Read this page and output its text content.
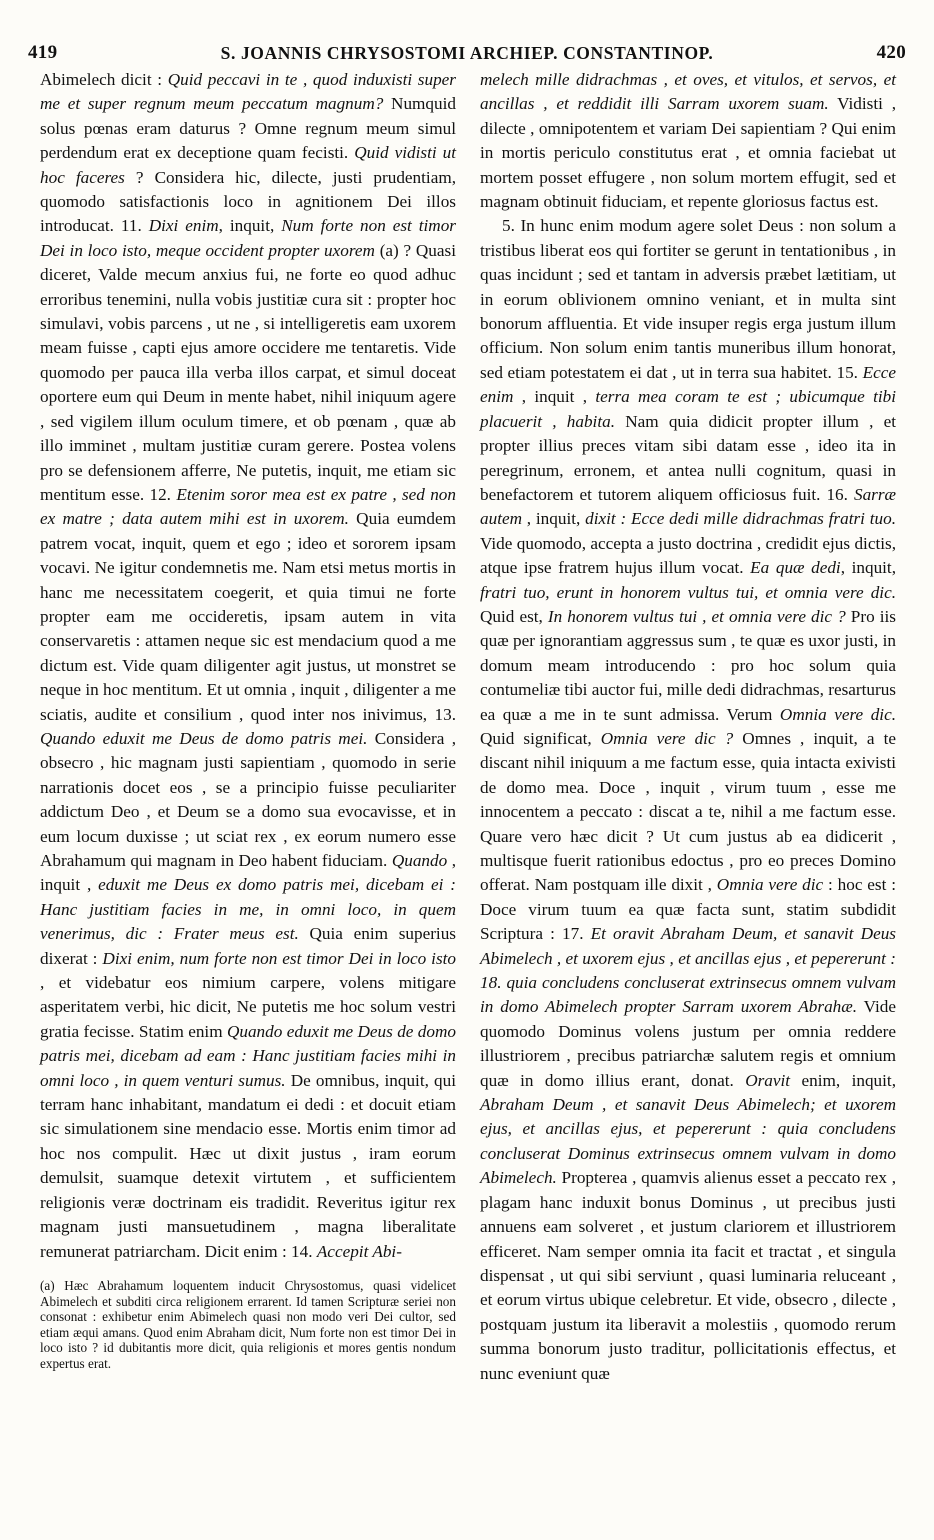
419	S. JOANNIS CHRYSOSTOMI ARCHIEP. CONSTANTINOP.	420

Abimelech dicit : Quid peccavi in te , quod induxisti super me et super regnum meum peccatum magnum? Numquid solus pœnas eram daturus ? Omne regnum meum simul perdendum erat ex deceptione quam fecisti. Quid vidisti ut hoc faceres ? Considera hic, dilecte, justi prudentiam, quomodo satisfactionis loco in agnitionem Dei illos introducat. 11. Dixi enim, inquit, Num forte non est timor Dei in loco isto, meque occident propter uxorem (a) ? Quasi diceret, Valde mecum anxius fui, ne forte eo quod adhuc erroribus tenemini, nulla vobis justitiæ cura sit : propter hoc simulavi, vobis parcens , ut ne , si intelligeretis eam uxorem meam fuisse , capti ejus amore occidere me tentaretis. Vide quomodo per pauca illa verba illos carpat, et simul doceat oportere eum qui Deum in mente habet, nihil iniquum agere , sed vigilem illum oculum timere, et ob pœnam , quæ ab illo imminet , multam justitiæ curam gerere. Postea volens pro se defensionem afferre, Ne putetis, inquit, me etiam sic mentitum esse. 12. Etenim soror mea est ex patre , sed non ex matre ; data autem mihi est in uxorem. Quia eumdem patrem vocat, inquit, quem et ego ; ideo et sororem ipsam vocavi. Ne igitur condemnetis me. Nam etsi metus mortis in hanc me necessitatem coegerit, et quia timui ne forte propter eam me occideretis, ipsam autem in vita conservaretis : attamen neque sic est mendacium quod a me dictum est. Vide quam diligenter agit justus, ut monstret se neque in hoc mentitum. Et ut omnia , inquit , diligenter a me sciatis, audite et consilium , quod inter nos inivimus, 13. Quando eduxit me Deus de domo patris mei. Considera , obsecro , hic magnam justi sapientiam , quomodo in serie narrationis docet eos , se a principio fuisse peculiariter addictum Deo , et Deum se a domo sua evocavisse, et in eum locum duxisse ; ut sciat rex , ex eorum numero esse Abrahamum qui magnam in Deo habent fiduciam. Quando , inquit , eduxit me Deus ex domo patris mei, dicebam ei : Hanc justitiam facies in me, in omni loco, in quem venerimus, dic : Frater meus est. Quia enim superius dixerat : Dixi enim, num forte non est timor Dei in loco isto , et videbatur eos nimium carpere, volens mitigare asperitatem verbi, hic dicit, Ne putetis me hoc solum vestri gratia fecisse. Statim enim Quando eduxit me Deus de domo patris mei, dicebam ad eam : Hanc justitiam facies mihi in omni loco , in quem venturi sumus. De omnibus, inquit, qui terram hanc inhabitant, mandatum ei dedi : et docuit etiam sic simulationem sine mendacio esse. Mortis enim timor ad hoc nos compulit. Hæc ut dixit justus , iram eorum demulsit, suamque detexit virtutem , et sufficientem religionis veræ doctrinam eis tradidit. Reveritus igitur rex magnam justi mansuetudinem , magna liberalitate remunerat patriarcham. Dicit enim : 14. Accepit Abi-

(a) Hæc Abrahamum loquentem inducit Chrysostomus, quasi videlicet Abimelech et subditi circa religionem errarent. Id tamen Scripturæ seriei non consonat : exhibetur enim Abimelech quasi non modo veri Dei cultor, sed etiam æqui amans. Quod enim Abraham dicit, Num forte non est timor Dei in loco isto ? id dubitantis more dicit, quia religionis et mores gentis nondum expertus erat.

melech mille didrachmas , et oves, et vitulos, et servos, et ancillas , et reddidit illi Sarram uxorem suam. Vidisti , dilecte , omnipotentem et variam Dei sapientiam ? Qui enim in mortis periculo constitutus erat , et omnia faciebat ut mortem posset effugere , non solum mortem effugit, sed et magnam obtinuit fiduciam, et repente gloriosus factus est.

5. In hunc enim modum agere solet Deus : non solum a tristibus liberat eos qui fortiter se gerunt in tentationibus , in quas incidunt ; sed et tantam in adversis præbet lætitiam, ut in eorum oblivionem omnino veniant, et in multa sint bonorum affluentia. Et vide insuper regis erga justum illum officium. Non solum enim tantis muneribus illum honorat, sed etiam potestatem ei dat , ut in terra sua habitet. 15. Ecce enim , inquit , terra mea coram te est ; ubicumque tibi placuerit , habita. Nam quia didicit propter illum , et propter illius preces vitam sibi datam esse , ideo ita in peregrinum, erronem, et antea nulli cognitum, quasi in benefactorem et tutorem aliquem officiosus fuit. 16. Sarræ autem , inquit, dixit : Ecce dedi mille didrachmas fratri tuo. Vide quomodo, accepta a justo doctrina , credidit ejus dictis, atque ipse fratrem hujus illum vocat. Ea quæ dedi, inquit, fratri tuo, erunt in honorem vultus tui, et omnia vere dic. Quid est, In honorem vultus tui , et omnia vere dic ? Pro iis quæ per ignorantiam aggressus sum , te quæ es uxor justi, in domum meam introducendo : pro hoc solum quia contumeliæ tibi auctor fui, mille dedi didrachmas, resarturus ea quæ a me in te sunt admissa. Verum Omnia vere dic. Quid significat, Omnia vere dic ? Omnes , inquit, a te discant nihil iniquum a me factum esse, quia intacta exivisti de domo mea. Doce , inquit , virum tuum , esse me innocentem a peccato : discat a te, nihil a me factum esse. Quare vero hæc dicit ? Ut cum justus ab ea didicerit , multisque fuerit rationibus edoctus , pro eo preces Domino offerat. Nam postquam ille dixit , Omnia vere dic : hoc est : Doce virum tuum ea quæ facta sunt, statim subdidit Scriptura : 17. Et oravit Abraham Deum, et sanavit Deus Abimelech , et uxorem ejus , et ancillas ejus , et pepererunt : 18. quia concludens concluserat extrinsecus omnem vulvam in domo Abimelech propter Sarram uxorem Abrahæ. Vide quomodo Dominus volens justum per omnia reddere illustriorem , precibus patriarchæ salutem regis et omnium quæ in domo illius erant, donat. Oravit enim, inquit, Abraham Deum , et sanavit Deus Abimelech; et uxorem ejus, et ancillas ejus, et pepererunt : quia concludens concluserat Dominus extrinsecus omnem vulvam in domo Abimelech. Propterea , quamvis alienus esset a peccato rex , plagam hanc induxit bonus Dominus , ut precibus justi annuens eam solveret , et justum clariorem et illustriorem efficeret. Nam semper omnia ita facit et tractat , et singula dispensat , ut qui sibi serviunt , quasi luminaria reluceant , et eorum virtus ubique celebretur. Et vide, obsecro , dilecte , postquam justum ita liberavit a molestiis , quomodo rerum summa bonorum justo traditur, pollicitationis effectus, et nunc eveniunt quæ
